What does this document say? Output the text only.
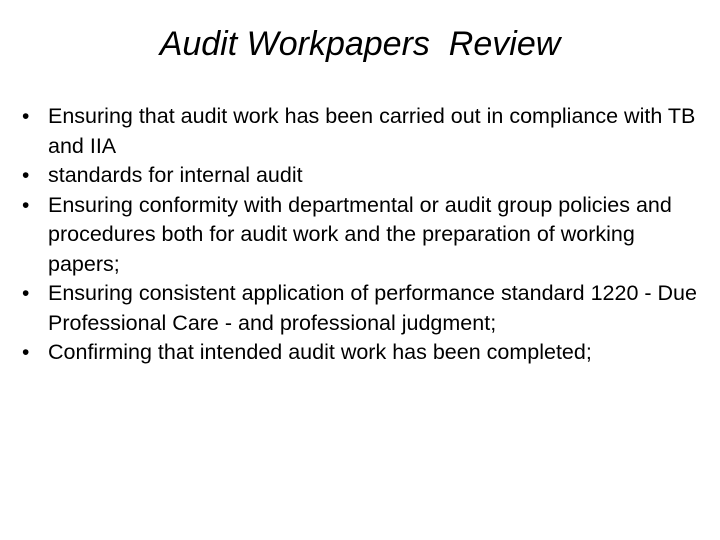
Audit Workpapers  Review
• Ensuring that audit work has been carried out in compliance with TB and IIA
• standards for internal audit
• Ensuring conformity with departmental or audit group policies and procedures both for audit work and the preparation of working papers;
• Ensuring consistent application of performance standard 1220 - Due Professional Care - and professional judgment;
• Confirming that intended audit work has been completed;
